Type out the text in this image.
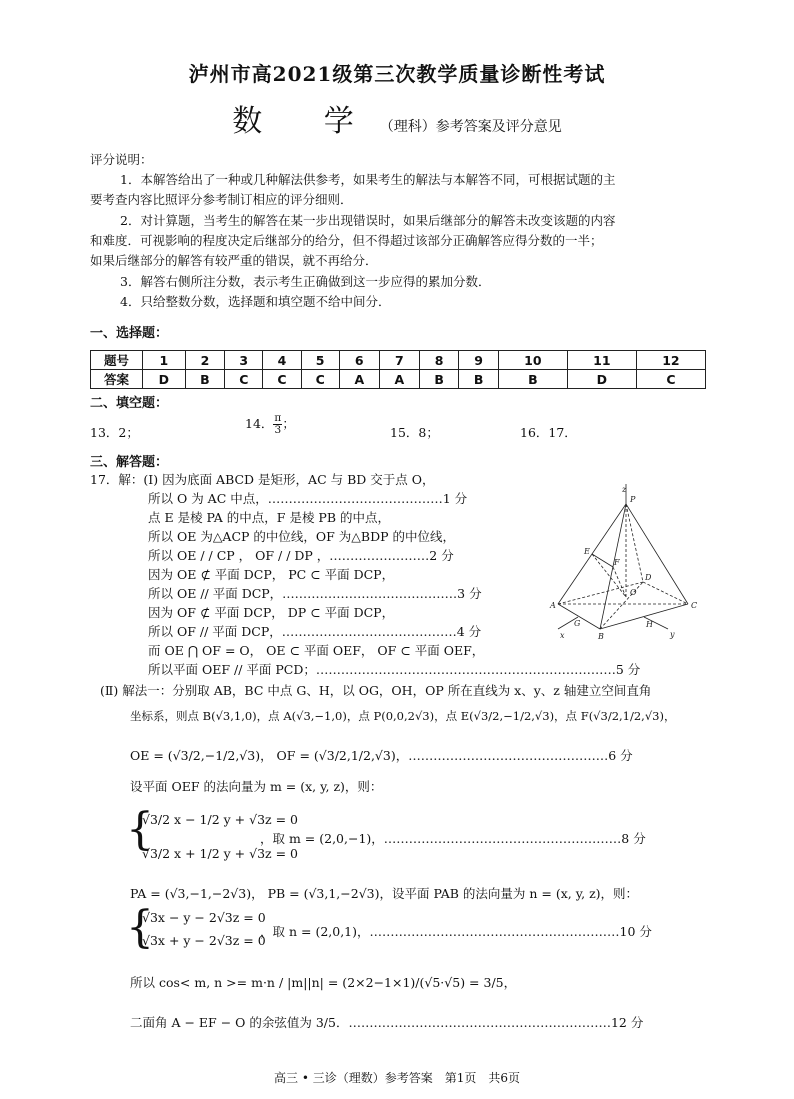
泸州市高2021级第三次教学质量诊断性考试
数 学（理科）参考答案及评分意见
评分说明：
1．本解答给出了一种或几种解法供参考，如果考生的解法与本解答不同，可根据试题的主
要考查内容比照评分参考制订相应的评分细则．
2．对计算题，当考生的解答在某一步出现错误时，如果后继部分的解答未改变该题的内容
和难度．可视影响的程度决定后继部分的给分，但不得超过该部分正确解答应得分数的一半；
如果后继部分的解答有较严重的错误，就不再给分．
3．解答右侧所注分数，表示考生正确做到这一步应得的累加分数．
4．只给整数分数，选择题和填空题不给中间分．
一、选择题：
题号	1	2	3	4	5	6	7	8	9	10	11	12
答案	D	B	C	C	C	A	A	B	B	B	D	C
二、填空题：
13．2；
14． $\frac{\pi}{3}$ ；
15．8；	16．17．
三、解答题：
17．解：(Ⅰ) 因为底面 ABCD 是矩形，AC 与 BD 交于点 O，
所以 O 为 AC 中点，……………………………………1 分
点 E 是棱 PA 的中点，F 是棱 PB 的中点，
所以 OE 为△ACP 的中位线，OF 为△BDP 的中位线，
所以 OE / / CP ， OF / / DP ，……………………2 分
因为 OE ⊄ 平面 DCP， PC ⊂ 平面 DCP，
所以 OE // 平面 DCP，……………………………………3 分
因为 OF ⊄ 平面 DCP， DP ⊂ 平面 DCP，
所以 OF // 平面 DCP，……………………………………4 分
而 OE ⋂ OF = O， OE ⊂ 平面 OEF， OF ⊂ 平面 OEF，
所以平面 OEF // 平面 PCD；………………………………………………………………5 分
(Ⅱ) 解法一：分别取 AB，BC 中点 G、H，以 OG，OH，OP 所在直线为 x、y、z 轴建立空间直角
坐标系，则点 B(√3,1,0)，点 A(√3,−1,0)，点 P(0,0,2√3)，点 E(√3/2,−1/2,√3)，点 F(√3/2,1/2,√3)，
OE = (√3/2,−1/2,√3)， OF = (√3/2,1/2,√3)，…………………………………………6 分
设平面 OEF 的法向量为 m = (x, y, z)，则：
{
√3/2 x − 1/2 y + √3z = 0
√3/2 x + 1/2 y + √3z = 0
，取 m = (2,0,−1)，…………………………………………………8 分
PA = (√3,−1,−2√3)， PB = (√3,1,−2√3)，设平面 PAB 的法向量为 n = (x, y, z)，则：
{
√3x − y − 2√3z = 0
√3x + y − 2√3z = 0
，取 n = (2,0,1)，……………………………………………………10 分
所以 cos< m, n >= m·n / |m||n| = (2×2−1×1)/(√5·√5) = 3/5，
二面角 A − EF − O 的余弦值为 3/5．………………………………………………………12 分
z
P
E
F
O
A
B
C
D
G	H
x	y
高三 • 三诊（理数）参考答案　第1页　共6页
